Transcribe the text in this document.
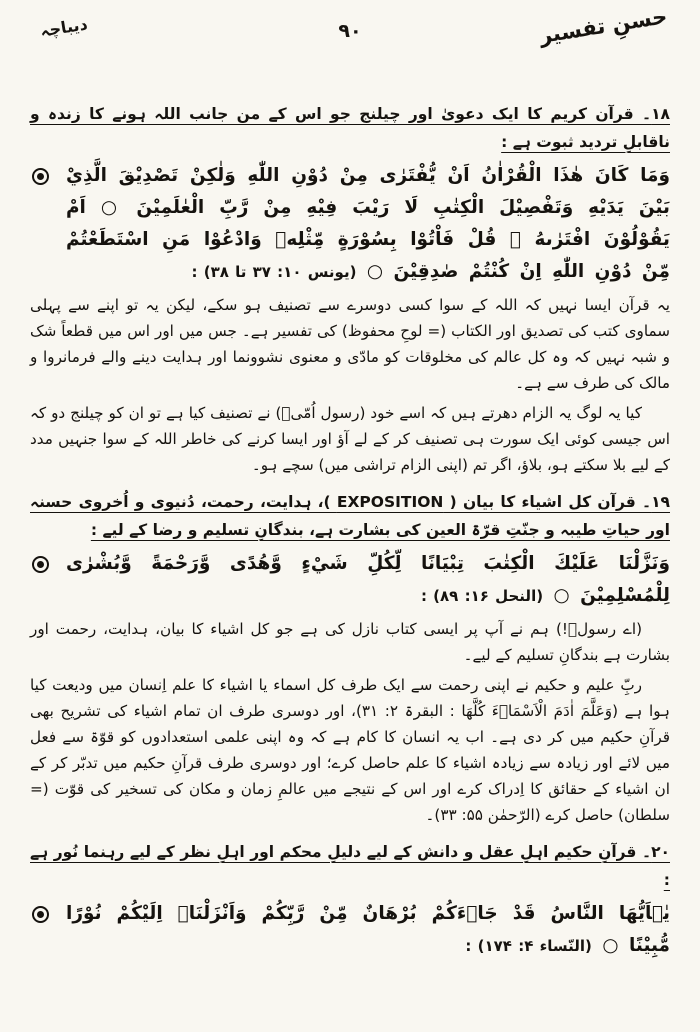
حسنِ تفسیر
۹۰
دیباچہ

۱۸۔ قرآن کریم کا ایک دعویٰ اور چیلنج جو اس کے من جانب اللہ ہونے کا زندہ و ناقابلِ تردید ثبوت ہے :

وَمَا كَانَ هٰذَا الْقُرْاٰنُ اَنْ يُّفْتَرٰى مِنْ دُوْنِ اللّٰهِ وَلٰكِنْ تَصْدِيْقَ الَّذِيْ بَيْنَ يَدَيْهِ وَتَفْصِيْلَ الْكِتٰبِ لَا رَيْبَ فِيْهِ مِنْ رَّبِّ الْعٰلَمِيْنَ ○ اَمْ يَقُوْلُوْنَ افْتَرٰىهُ ۚ قُلْ فَاْتُوْا بِسُوْرَةٍ مِّثْلِهٖ وَادْعُوْا مَنِ اسْتَطَعْتُمْ مِّنْ دُوْنِ اللّٰهِ اِنْ كُنْتُمْ صٰدِقِيْنَ ○ (یونس ۱۰: ۳۷ تا ۳۸) :

یہ قرآن ایسا نہیں کہ اللہ کے سوا کسی دوسرے سے تصنیف ہو سکے، لیکن یہ تو اپنے سے پہلی سماوی کتب کی تصدیق اور الکتاب (= لوحِ محفوظ) کی تفسیر ہے۔ جس میں اور اس میں قطعاً شک و شبہ نہیں کہ وہ کل عالم کی مخلوقات کو مادّی و معنوی نشوونما اور ہدایت دینے والے فرمانروا و مالک کی طرف سے ہے۔

کیا یہ لوگ یہ الزام دھرتے ہیں کہ اسے خود (رسول اُمّیؐ) نے تصنیف کیا ہے تو ان کو چیلنج دو کہ اس جیسی کوئی ایک سورت ہی تصنیف کر کے لے آؤ اور ایسا کرنے کی خاطر اللہ کے سوا جنہیں مدد کے لیے بلا سکتے ہو، بلاؤ، اگر تم (اپنی الزام تراشی میں) سچے ہو۔

۱۹۔ قرآن کل اشیاء کا بیان ( EXPOSITION )، ہدایت، رحمت، دُنیوی و اُخروی حسنہ اور حیاتِ طیبہ و جنّتِ قرّۃ العین کی بشارت ہے، بندگانِ تسلیم و رضا کے لیے :

وَنَزَّلْنَا عَلَيْكَ الْكِتٰبَ تِبْيَانًا لِّكُلِّ شَيْءٍ وَّهُدًى وَّرَحْمَةً وَّبُشْرٰى لِلْمُسْلِمِيْنَ ○ (النحل ۱۶: ۸۹) :

(اے رسولؐ!) ہم نے آپ پر ایسی کتاب نازل کی ہے جو کل اشیاء کا بیان، ہدایت، رحمت اور بشارت ہے بندگانِ تسلیم کے لیے۔

ربِّ علیم و حکیم نے اپنی رحمت سے ایک طرف کل اسماء یا اشیاء کا علم اِنسان میں ودیعت کیا ہوا ہے (وَعَلَّمَ اٰدَمَ الْاَسْمَاۤءَ كُلَّهَا : البقرۃ ۲: ۳۱)، اور دوسری طرف ان تمام اشیاء کی تشریح بھی قرآنِ حکیم میں کر دی ہے۔ اب یہ انسان کا کام ہے کہ وہ اپنی علمی استعدادوں کو قوّۃ سے فعل میں لائے اور زیادہ سے زیادہ اشیاء کا علم حاصل کرے؛ اور دوسری طرف قرآنِ حکیم میں تدبّر کر کے ان اشیاء کے حقائق کا اِدراک کرے اور اس کے نتیجے میں عالمِ زمان و مکان کی تسخیر کی قوّت (= سلطان) حاصل کرے (الرّحمٰن ۵۵: ۳۳)۔

۲۰۔ قرآنِ حکیم اہلِ عقل و دانش کے لیے دلیلِ محکم اور اہلِ نظر کے لیے رہنما نُور ہے :

يٰۤاَيُّهَا النَّاسُ قَدْ جَاۤءَكُمْ بُرْهَانٌ مِّنْ رَّبِّكُمْ وَاَنْزَلْنَاۤ اِلَيْكُمْ نُوْرًا مُّبِيْنًا ○ (النّساء ۴: ۱۷۴) :
